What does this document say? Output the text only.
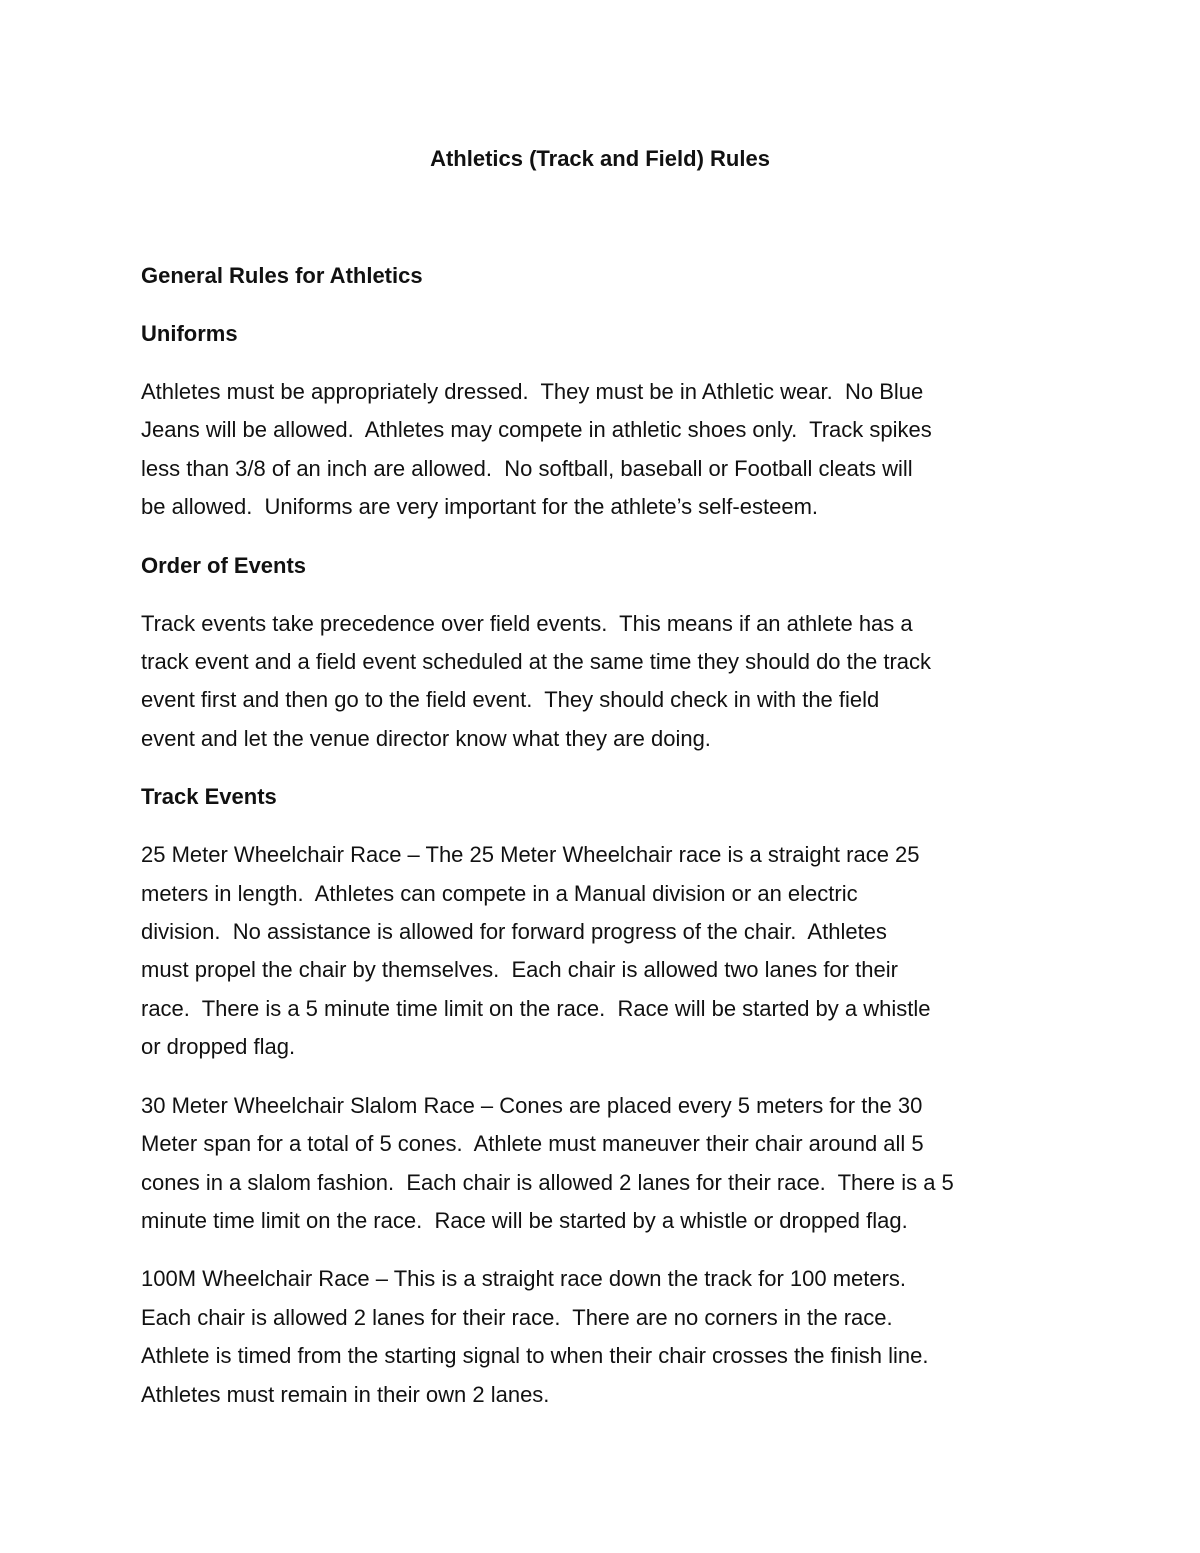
Athletics (Track and Field) Rules
General Rules for Athletics
Uniforms

Athletes must be appropriately dressed.  They must be in Athletic wear.  No Blue
Jeans will be allowed.  Athletes may compete in athletic shoes only.  Track spikes
less than 3/8 of an inch are allowed.  No softball, baseball or Football cleats will
be allowed.  Uniforms are very important for the athlete’s self-esteem.

Order of Events

Track events take precedence over field events.  This means if an athlete has a
track event and a field event scheduled at the same time they should do the track
event first and then go to the field event.  They should check in with the field
event and let the venue director know what they are doing.

Track Events

25 Meter Wheelchair Race – The 25 Meter Wheelchair race is a straight race 25
meters in length.  Athletes can compete in a Manual division or an electric
division.  No assistance is allowed for forward progress of the chair.  Athletes
must propel the chair by themselves.  Each chair is allowed two lanes for their
race.  There is a 5 minute time limit on the race.  Race will be started by a whistle
or dropped flag.

30 Meter Wheelchair Slalom Race – Cones are placed every 5 meters for the 30
Meter span for a total of 5 cones.  Athlete must maneuver their chair around all 5
cones in a slalom fashion.  Each chair is allowed 2 lanes for their race.  There is a 5
minute time limit on the race.  Race will be started by a whistle or dropped flag.

100M Wheelchair Race – This is a straight race down the track for 100 meters.
Each chair is allowed 2 lanes for their race.  There are no corners in the race.
Athlete is timed from the starting signal to when their chair crosses the finish line.
Athletes must remain in their own 2 lanes.
